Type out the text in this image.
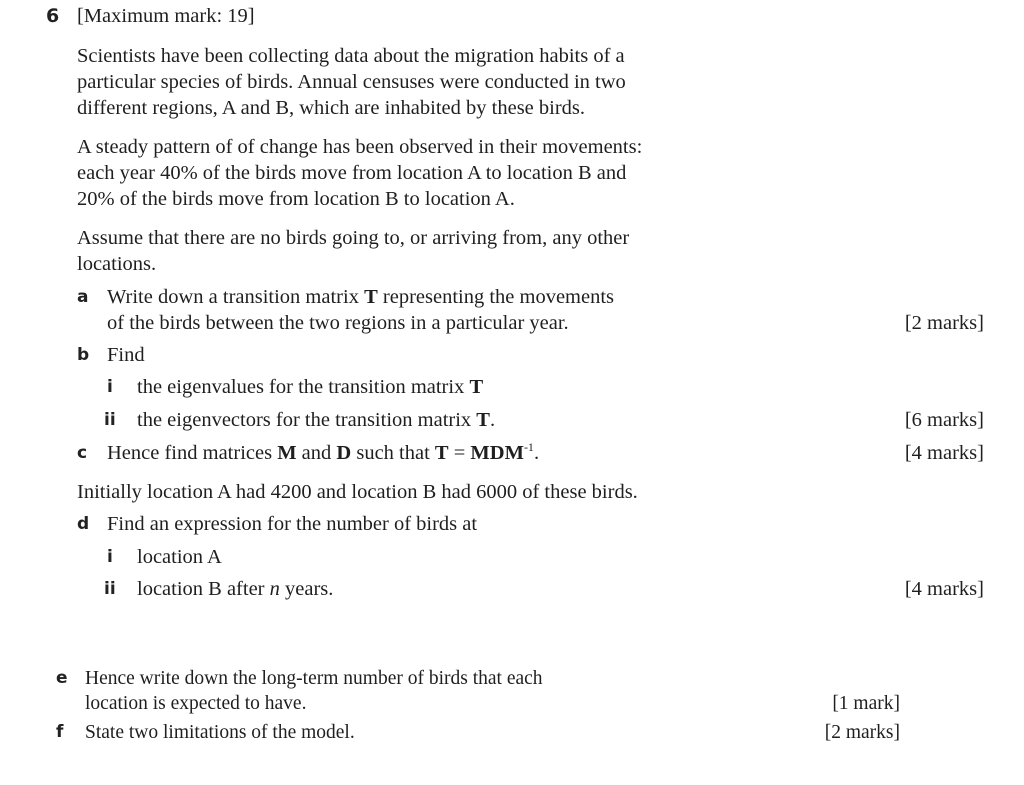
6 [Maximum mark: 19]
Scientists have been collecting data about the migration habits of a
particular species of birds. Annual censuses were conducted in two
different regions, A and B, which are inhabited by these birds.
A steady pattern of of change has been observed in their movements:
each year 40% of the birds move from location A to location B and
20% of the birds move from location B to location A.
Assume that there are no birds going to, or arriving from, any other
locations.
a Write down a transition matrix T representing the movements
of the birds between the two regions in a particular year.	[2 marks]
b Find
i the eigenvalues for the transition matrix T
ii the eigenvectors for the transition matrix T.	[6 marks]
c Hence find matrices M and D such that $T = MDM^{-1}$.	[4 marks]
Initially location A had 4200 and location B had 6000 of these birds.
d Find an expression for the number of birds at
i location A
ii location B after n years.	[4 marks]
e Hence write down the long-term number of birds that each
location is expected to have.	[1 mark]
f State two limitations of the model.	[2 marks]
